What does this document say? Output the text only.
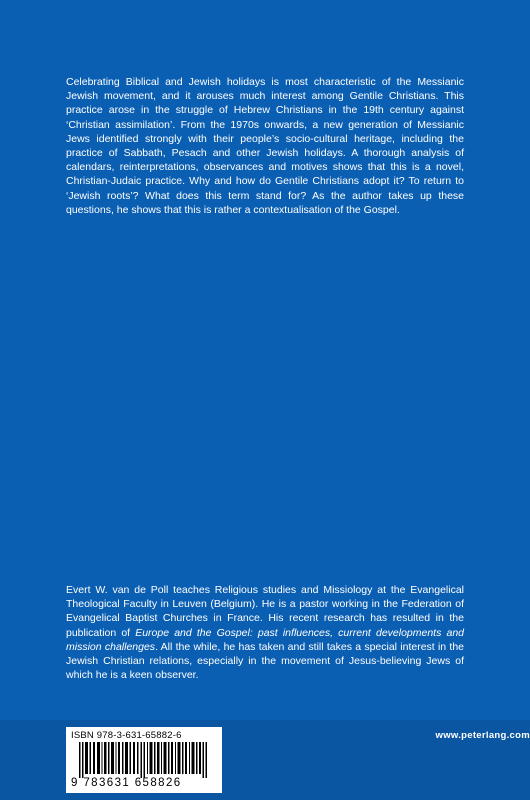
Celebrating Biblical and Jewish holidays is most characteristic of the Messianic Jewish movement, and it arouses much interest among Gentile Christians. This practice arose in the struggle of Hebrew Christians in the 19th century against ‘Christian assimilation’. From the 1970s onwards, a new generation of Messianic Jews identified strongly with their people’s socio-cultural heritage, including the practice of Sabbath, Pesach and other Jewish holidays. A thorough analysis of calendars, reinterpretations, observances and motives shows that this is a novel, Christian-Judaic practice. Why and how do Gentile Christians adopt it? To return to ‘Jewish roots’? What does this term stand for? As the author takes up these questions, he shows that this is rather a contextualisation of the Gospel.

Evert W. van de Poll teaches Religious studies and Missiology at the Evangelical Theological Faculty in Leuven (Belgium). He is a pastor working in the Federation of Evangelical Baptist Churches in France. His recent research has resulted in the publication of Europe and the Gospel: past influences, current developments and mission challenges. All the while, he has taken and still takes a special interest in the Jewish Christian relations, especially in the movement of Jesus-believing Jews of which he is a keen observer.

ISBN 978-3-631-65882-6
9 783631 658826
www.peterlang.com
